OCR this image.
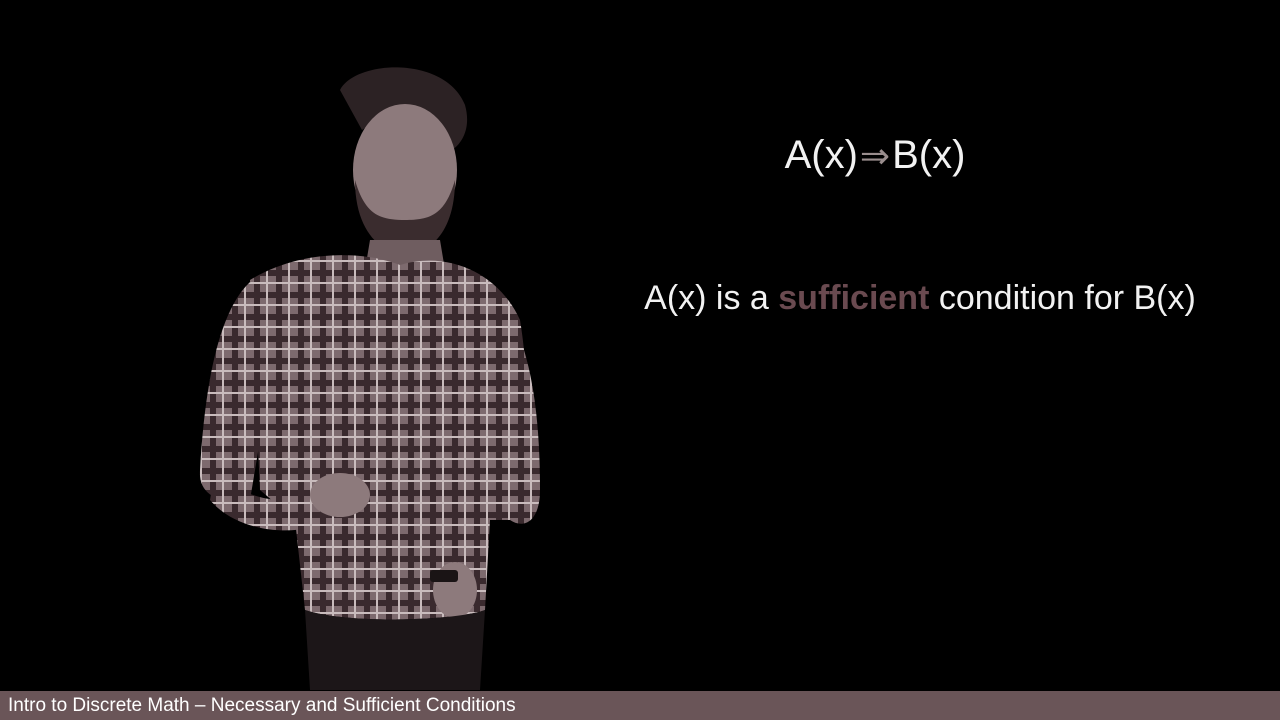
A(x)⇒B(x)
A(x) is a sufficient condition for B(x)
Intro to Discrete Math – Necessary and Sufficient Conditions
